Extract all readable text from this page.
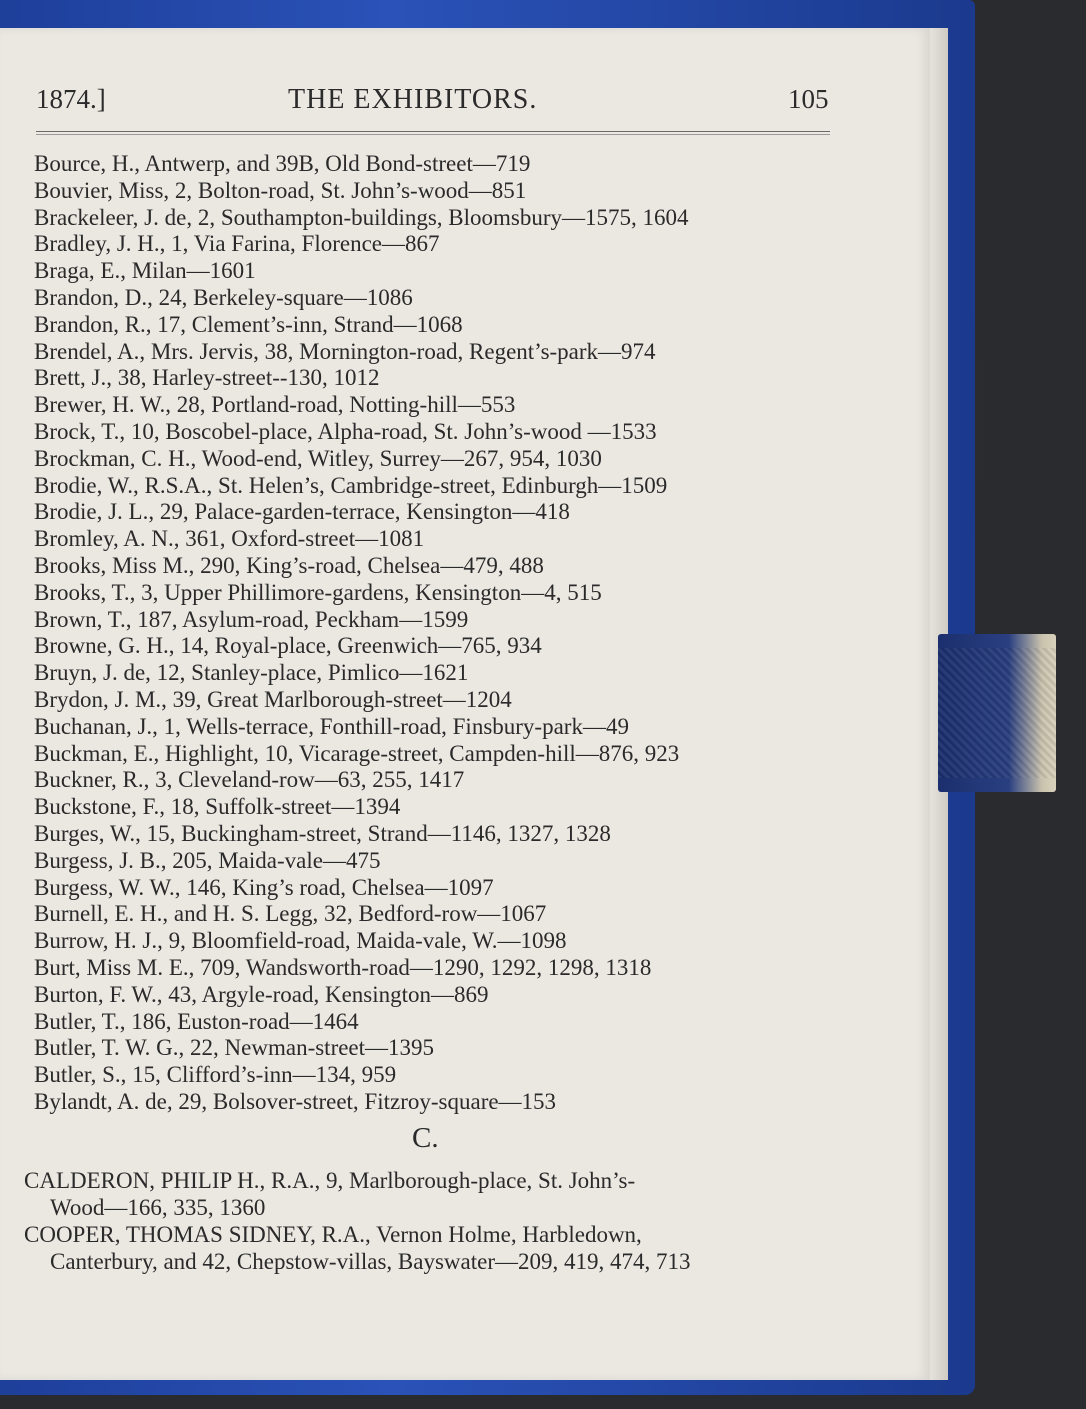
1874.]	THE EXHIBITORS.	105
Bource, H., Antwerp, and 39B, Old Bond-street—719
Bouvier, Miss, 2, Bolton-road, St. John’s-wood—851
Brackeleer, J. de, 2, Southampton-buildings, Bloomsbury—1575, 1604
Bradley, J. H., 1, Via Farina, Florence—867
Braga, E., Milan—1601
Brandon, D., 24, Berkeley-square—1086
Brandon, R., 17, Clement’s-inn, Strand—1068
Brendel, A., Mrs. Jervis, 38, Mornington-road, Regent’s-park—974
Brett, J., 38, Harley-street--130, 1012
Brewer, H. W., 28, Portland-road, Notting-hill—553
Brock, T., 10, Boscobel-place, Alpha-road, St. John’s-wood —1533
Brockman, C. H., Wood-end, Witley, Surrey—267, 954, 1030
Brodie, W., R.S.A., St. Helen’s, Cambridge-street, Edinburgh—1509
Brodie, J. L., 29, Palace-garden-terrace, Kensington—418
Bromley, A. N., 361, Oxford-street—1081
Brooks, Miss M., 290, King’s-road, Chelsea—479, 488
Brooks, T., 3, Upper Phillimore-gardens, Kensington—4, 515
Brown, T., 187, Asylum-road, Peckham—1599
Browne, G. H., 14, Royal-place, Greenwich—765, 934
Bruyn, J. de, 12, Stanley-place, Pimlico—1621
Brydon, J. M., 39, Great Marlborough-street—1204
Buchanan, J., 1, Wells-terrace, Fonthill-road, Finsbury-park—49
Buckman, E., Highlight, 10, Vicarage-street, Campden-hill—876, 923
Buckner, R., 3, Cleveland-row—63, 255, 1417
Buckstone, F., 18, Suffolk-street—1394
Burges, W., 15, Buckingham-street, Strand—1146, 1327, 1328
Burgess, J. B., 205, Maida-vale—475
Burgess, W. W., 146, King’s road, Chelsea—1097
Burnell, E. H., and H. S. Legg, 32, Bedford-row—1067
Burrow, H. J., 9, Bloomfield-road, Maida-vale, W.—1098
Burt, Miss M. E., 709, Wandsworth-road—1290, 1292, 1298, 1318
Burton, F. W., 43, Argyle-road, Kensington—869
Butler, T., 186, Euston-road—1464
Butler, T. W. G., 22, Newman-street—1395
Butler, S., 15, Clifford’s-inn—134, 959
Bylandt, A. de, 29, Bolsover-street, Fitzroy-square—153
C.
CALDERON, PHILIP H., R.A., 9, Marlborough-place, St. John’s-
Wood—166, 335, 1360
COOPER, THOMAS SIDNEY, R.A., Vernon Holme, Harbledown,
Canterbury, and 42, Chepstow-villas, Bayswater—209, 419, 474, 713
